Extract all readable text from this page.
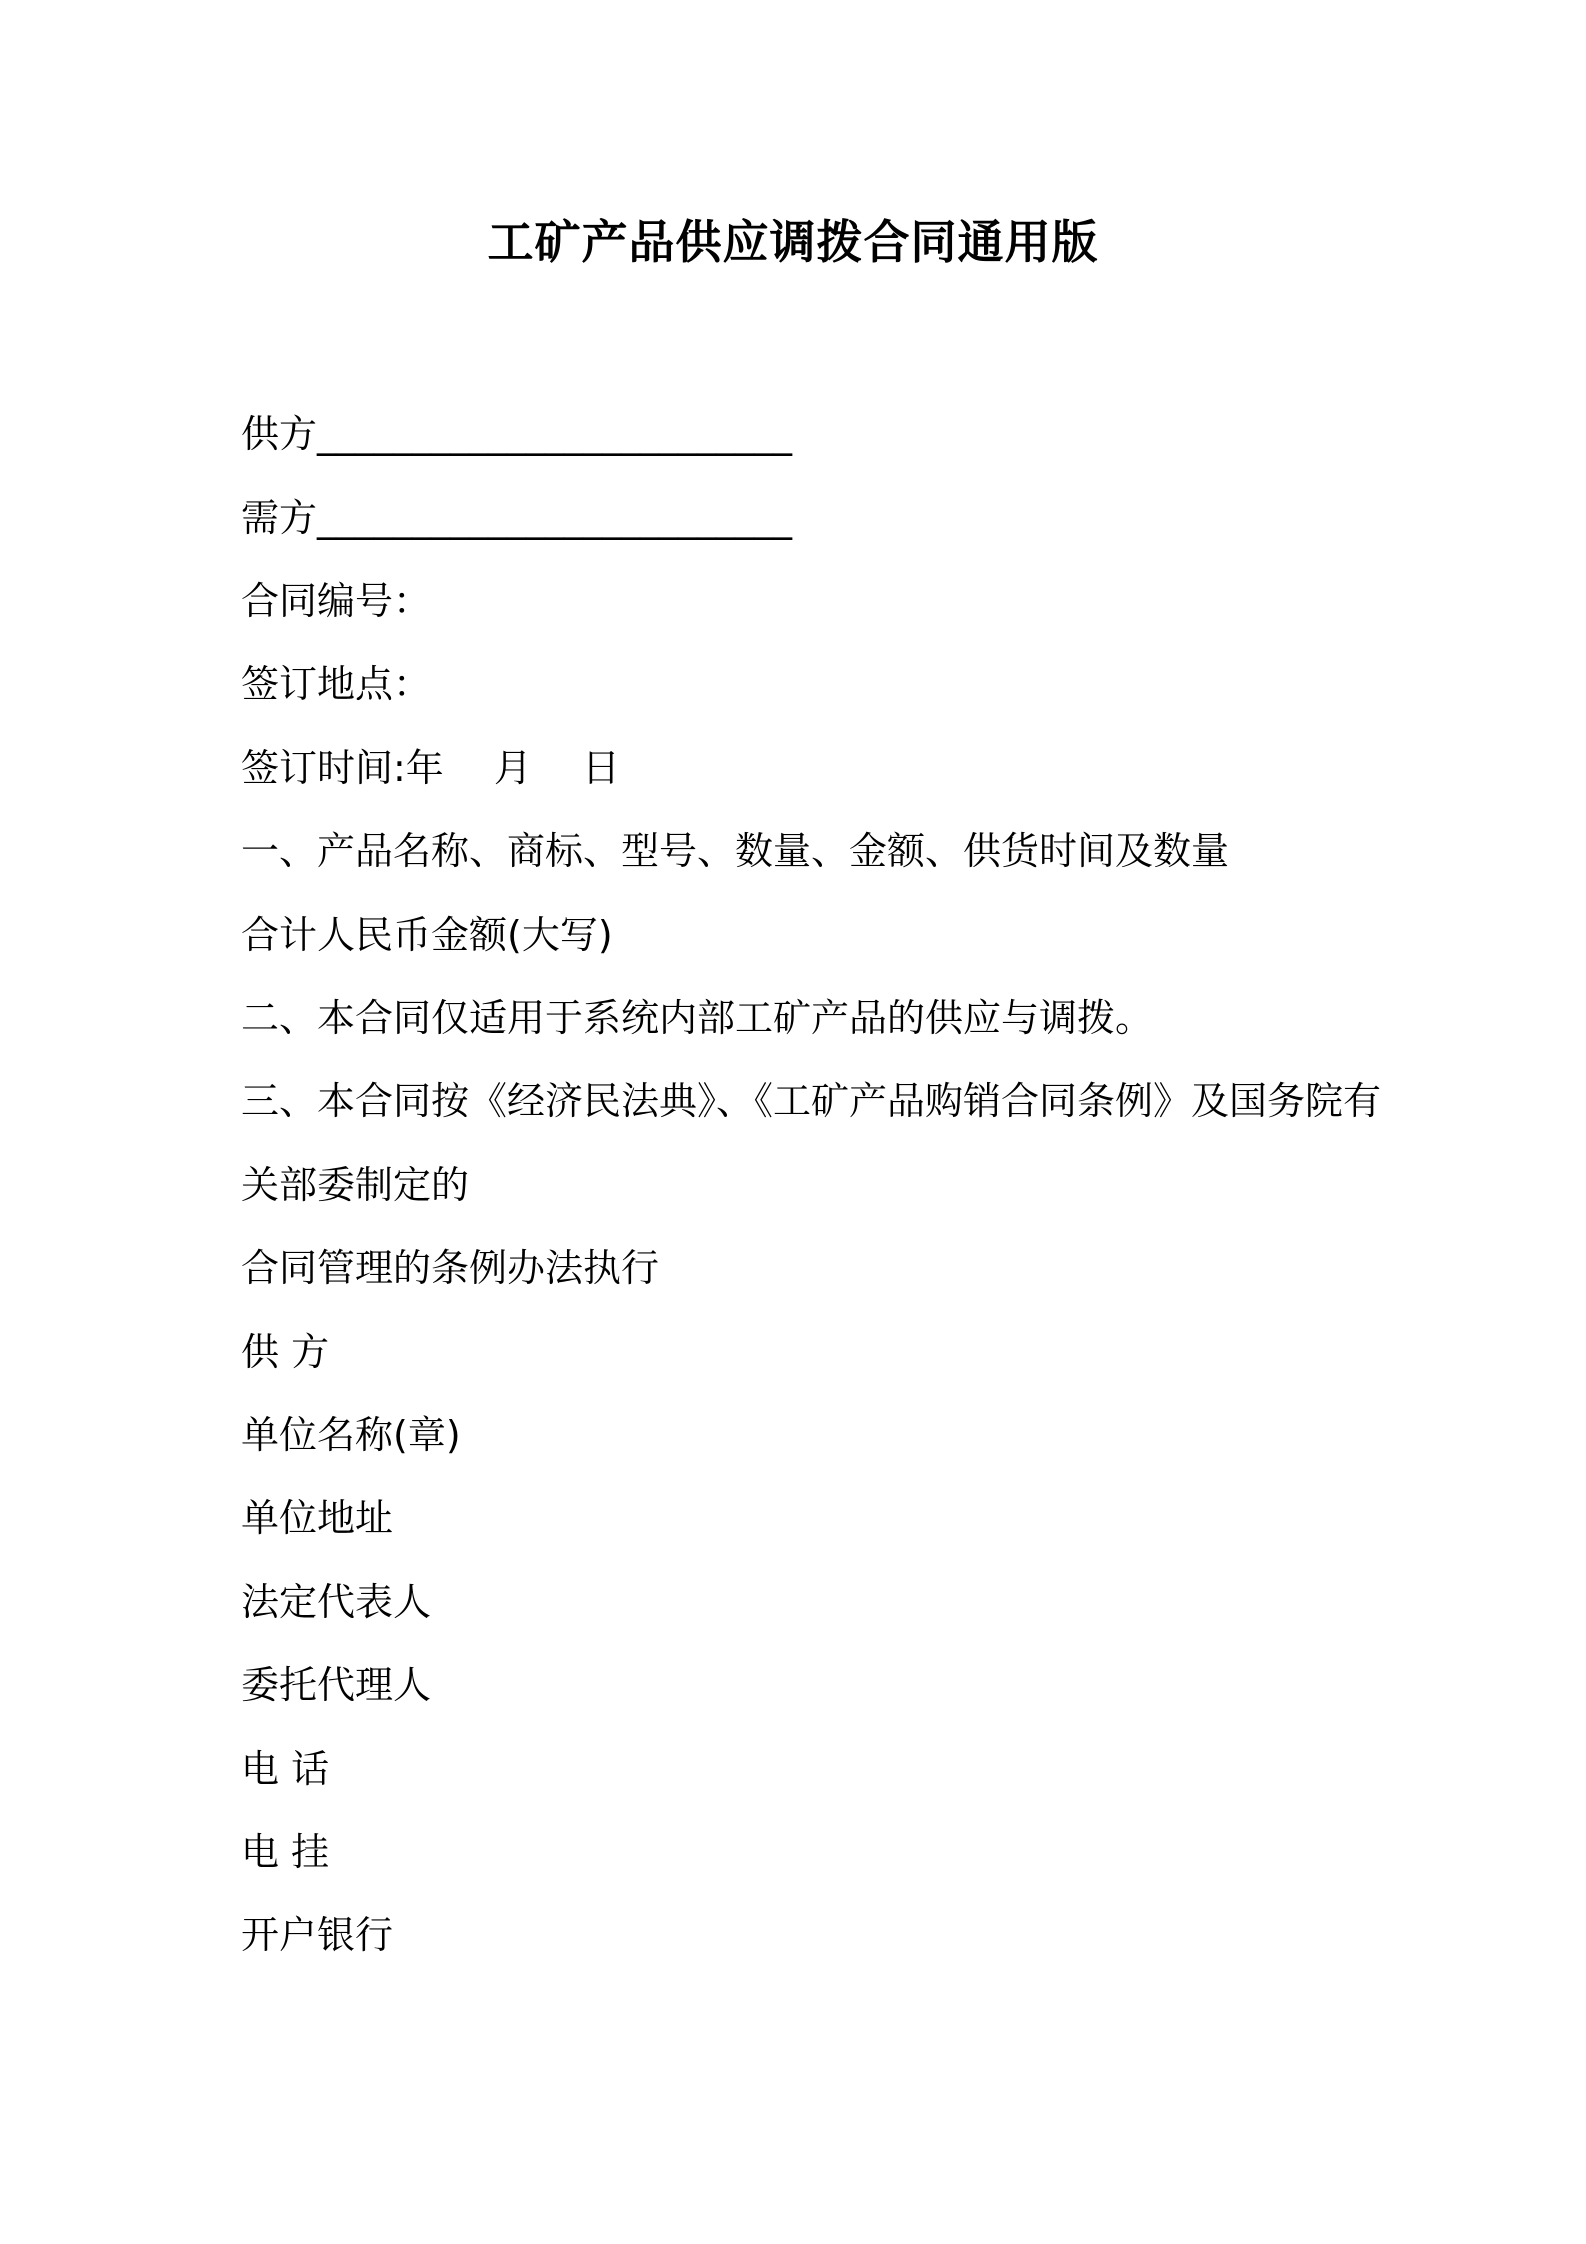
工矿产品供应调拨合同通用版
供方_________________________
需方_________________________
合同编号：
签订地点：
签订时间:年　 月　 日
一、产品名称、商标、型号、数量、金额、供货时间及数量
合计人民币金额(大写)
二、本合同仅适用于系统内部工矿产品的供应与调拨。
三、本合同按《经济民法典》、《工矿产品购销合同条例》及国务院有
关部委制定的
合同管理的条例办法执行
供 方
单位名称(章)
单位地址
法定代表人
委托代理人
电 话
电 挂
开户银行
